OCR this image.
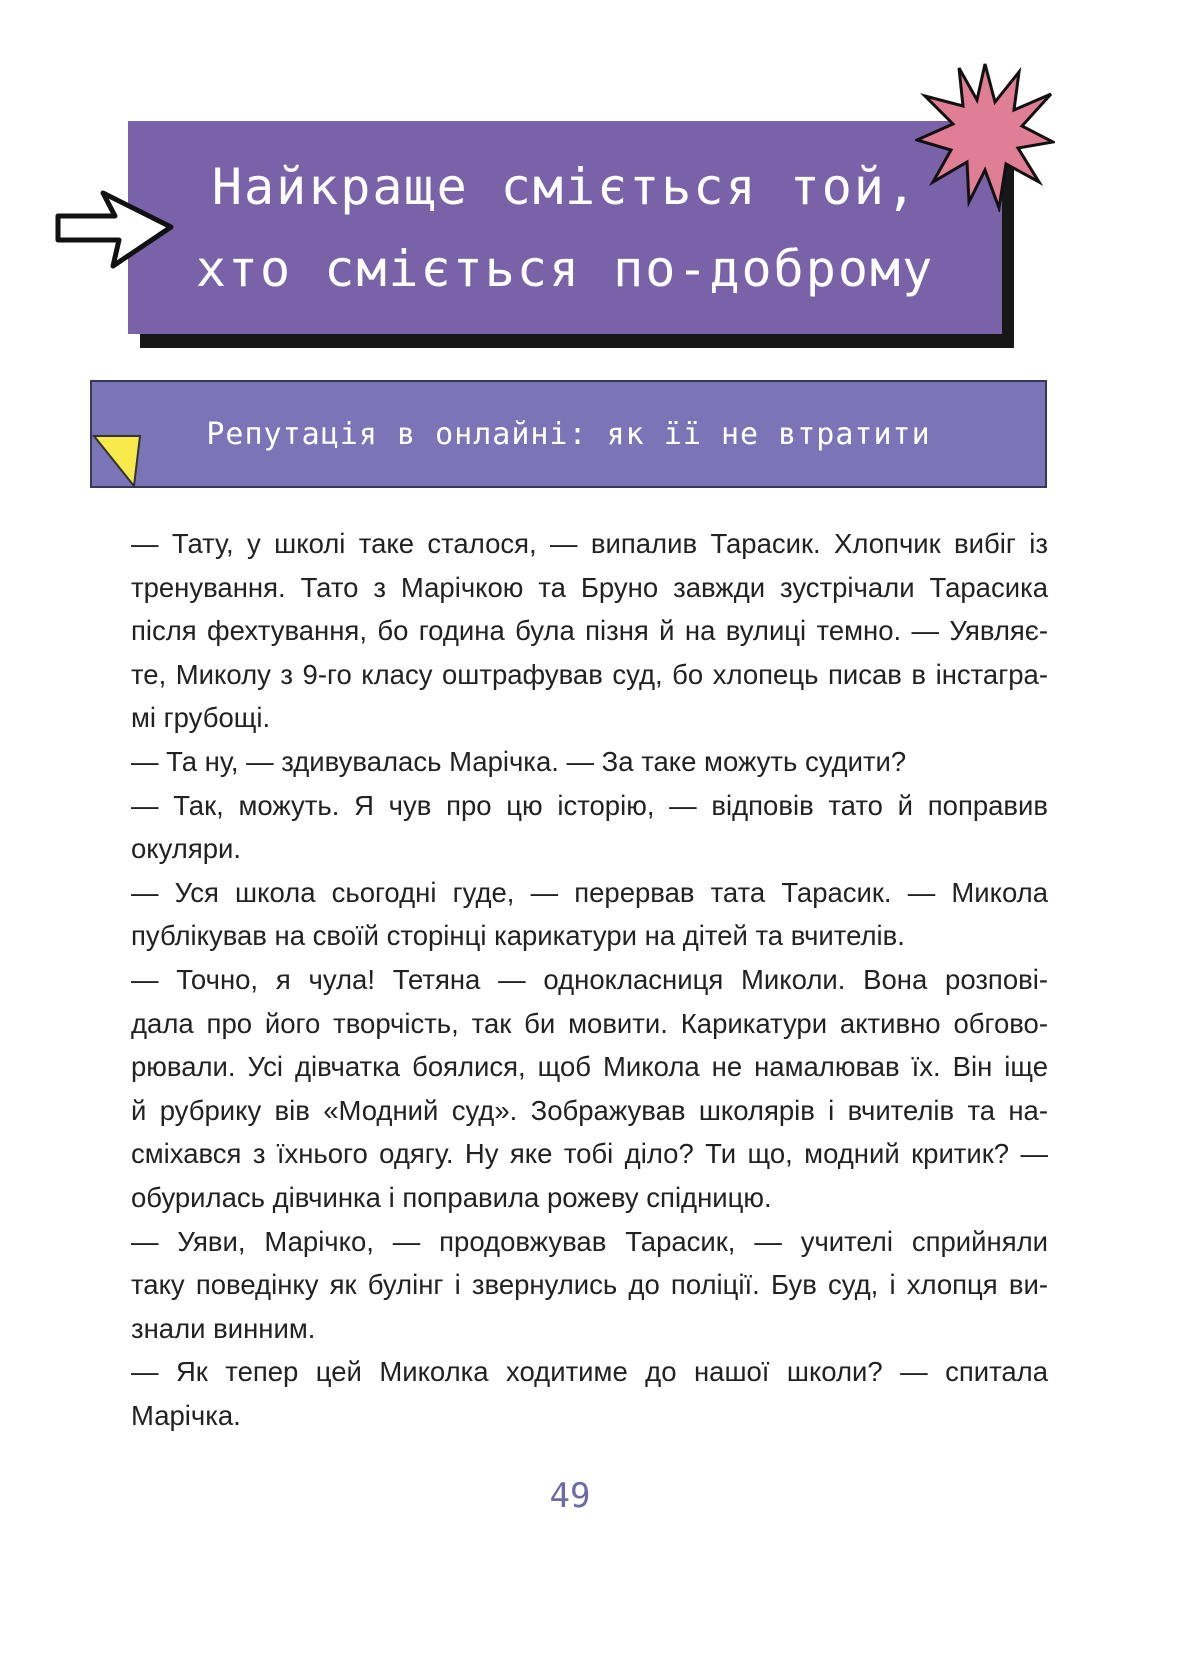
Найкраще сміється той,
хто сміється по-доброму
Репутація в онлайні: як її не втратити

— Тату, у школі таке сталося, — випалив Тарасик. Хлопчик вибіг із
тренування. Тато з Марічкою та Бруно завжди зустрічали Тарасика
після фехтування, бо година була пізня й на вулиці темно. — Уявляє-
те, Миколу з 9-го класу оштрафував суд, бо хлопець писав в інстагра-
мі грубощі.

— Та ну, — здивувалась Марічка. — За таке можуть судити?

— Так, можуть. Я чув про цю історію, — відповів тато й поправив
окуляри.

— Уся школа сьогодні гуде, — перервав тата Тарасик. — Микола
публікував на своїй сторінці карикатури на дітей та вчителів.

— Точно, я чула! Тетяна — однокласниця Миколи. Вона розпові-
дала про його творчість, так би мовити. Карикатури активно обгово-
рювали. Усі дівчатка боялися, щоб Микола не намалював їх. Він іще
й рубрику вів «Модний суд». Зображував школярів і вчителів та на-
сміхався з їхнього одягу. Ну яке тобі діло? Ти що, модний критик? —
обурилась дівчинка і поправила рожеву спідницю.

— Уяви, Марічко, — продовжував Тарасик, — учителі сприйняли
таку поведінку як булінг і звернулись до поліції. Був суд, і хлопця ви-
знали винним.

— Як тепер цей Миколка ходитиме до нашої школи? — спитала
Марічка.

49
